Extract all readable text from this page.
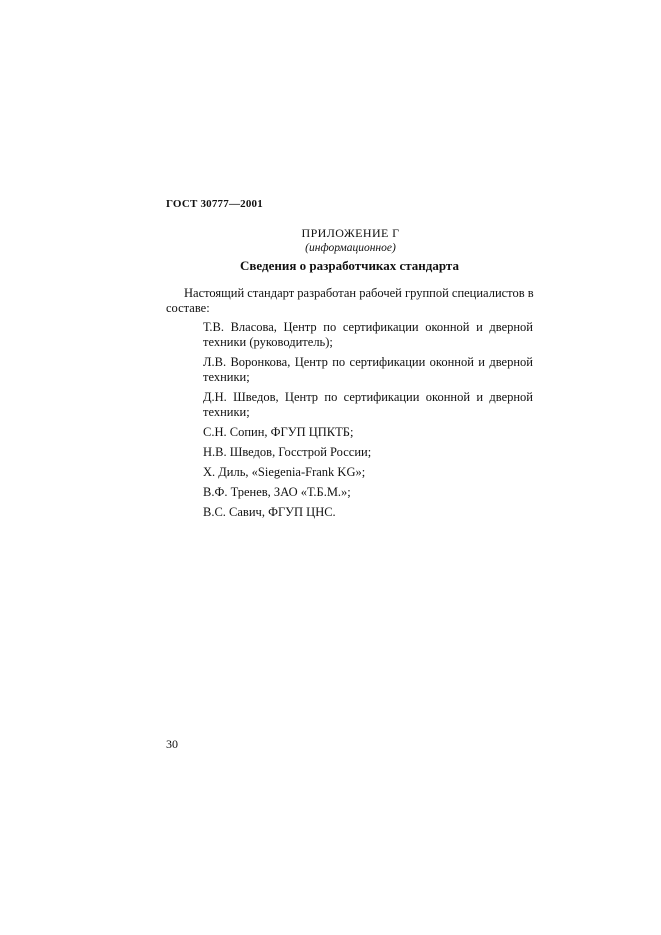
ГОСТ 30777—2001
ПРИЛОЖЕНИЕ Г
(информационное)
Сведения о разработчиках стандарта
Настоящий стандарт разработан рабочей группой специалистов в составе:
Т.В. Власова, Центр по сертификации оконной и дверной техники (руководитель);
Л.В. Воронкова, Центр по сертификации оконной и дверной техники;
Д.Н. Шведов, Центр по сертификации оконной и дверной техники;
С.Н. Сопин, ФГУП ЦПКТБ;
Н.В. Шведов, Госстрой России;
Х. Диль, «Siegenia-Frank KG»;
В.Ф. Тренев, ЗАО «Т.Б.М.»;
В.С. Савич, ФГУП ЦНС.
30
